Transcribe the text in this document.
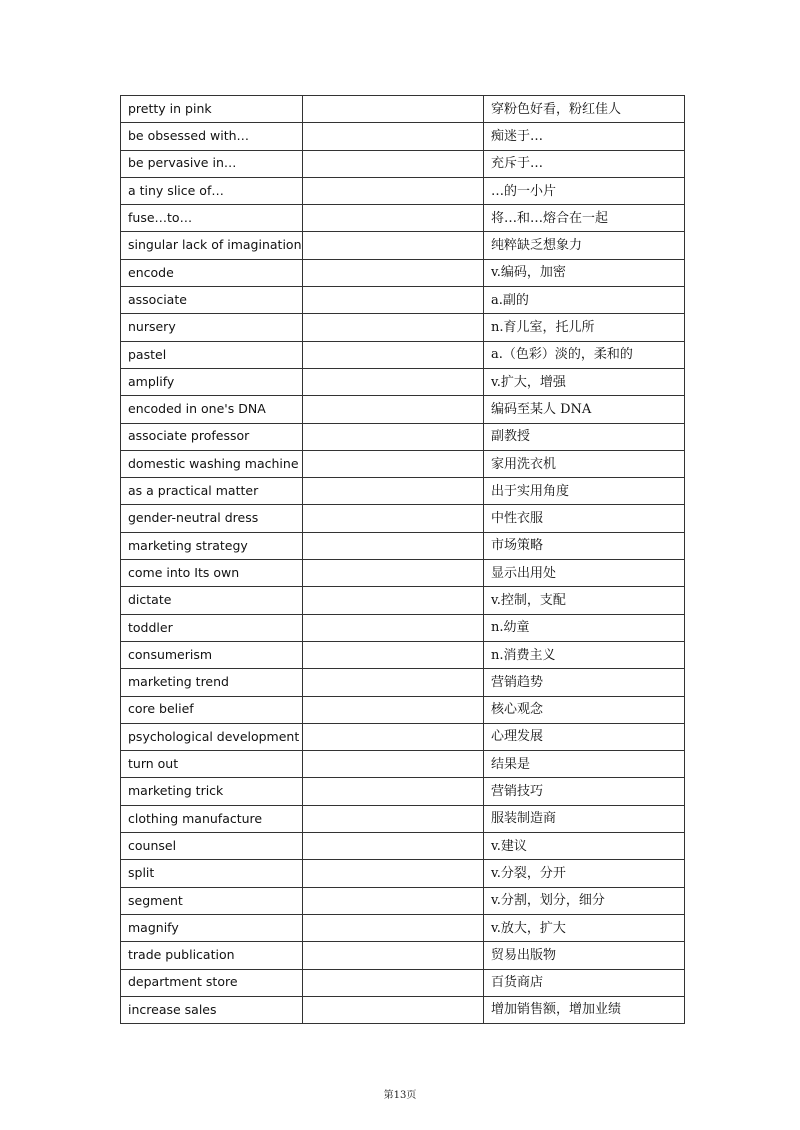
pretty in pink		穿粉色好看，粉红佳人
be obsessed with…		痴迷于…
be pervasive in…		充斥于…
a tiny slice of…		…的一小片
fuse…to…		将…和…熔合在一起
singular lack of imagination		纯粹缺乏想象力
encode		v.编码，加密
associate		a.副的
nursery		n.育儿室，托儿所
pastel		a.（色彩）淡的，柔和的
amplify		v.扩大，增强
encoded in one's DNA		编码至某人 DNA
associate professor		副教授
domestic washing machine		家用洗衣机
as a practical matter		出于实用角度
gender-neutral dress		中性衣服
marketing strategy		市场策略
come into Its own		显示出用处
dictate		v.控制，支配
toddler		n.幼童
consumerism		n.消费主义
marketing trend		营销趋势
core belief		核心观念
psychological development		心理发展
turn out		结果是
marketing trick		营销技巧
clothing manufacture		服装制造商
counsel		v.建议
split		v.分裂，分开
segment		v.分割，划分，细分
magnify		v.放大，扩大
trade publication		贸易出版物
department store		百货商店
increase sales		增加销售额，增加业绩
第13页
